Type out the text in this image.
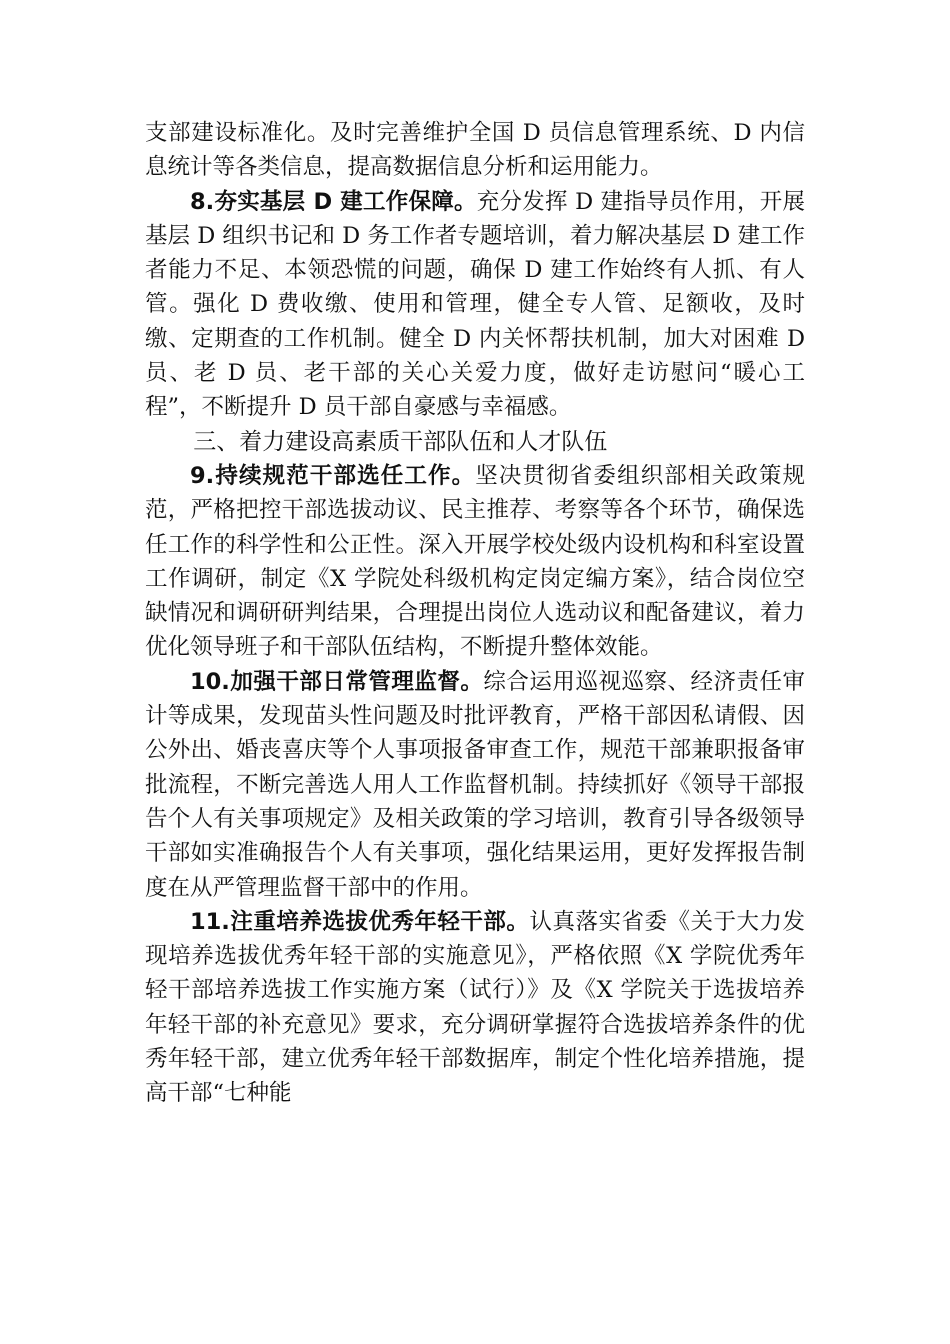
支部建设标准化。及时完善维护全国 D 员信息管理系统、D 内信息统计等各类信息，提高数据信息分析和运用能力。

8.夯实基层 D 建工作保障。充分发挥 D 建指导员作用，开展基层 D 组织书记和 D 务工作者专题培训，着力解决基层 D 建工作者能力不足、本领恐慌的问题，确保 D 建工作始终有人抓、有人管。强化 D 费收缴、使用和管理，健全专人管、足额收，及时缴、定期查的工作机制。健全 D 内关怀帮扶机制，加大对困难 D 员、老 D 员、老干部的关心关爱力度，做好走访慰问“暖心工程”，不断提升 D 员干部自豪感与幸福感。

三、着力建设高素质干部队伍和人才队伍

9.持续规范干部选任工作。坚决贯彻省委组织部相关政策规范，严格把控干部选拔动议、民主推荐、考察等各个环节，确保选任工作的科学性和公正性。深入开展学校处级内设机构和科室设置工作调研，制定《X 学院处科级机构定岗定编方案》，结合岗位空缺情况和调研研判结果，合理提出岗位人选动议和配备建议，着力优化领导班子和干部队伍结构，不断提升整体效能。

10.加强干部日常管理监督。综合运用巡视巡察、经济责任审计等成果，发现苗头性问题及时批评教育，严格干部因私请假、因公外出、婚丧喜庆等个人事项报备审查工作，规范干部兼职报备审批流程，不断完善选人用人工作监督机制。持续抓好《领导干部报告个人有关事项规定》及相关政策的学习培训，教育引导各级领导干部如实准确报告个人有关事项，强化结果运用，更好发挥报告制度在从严管理监督干部中的作用。

11.注重培养选拔优秀年轻干部。认真落实省委《关于大力发现培养选拔优秀年轻干部的实施意见》，严格依照《X 学院优秀年轻干部培养选拔工作实施方案（试行）》及《X 学院关于选拔培养年轻干部的补充意见》要求，充分调研掌握符合选拔培养条件的优秀年轻干部，建立优秀年轻干部数据库，制定个性化培养措施，提高干部“七种能
